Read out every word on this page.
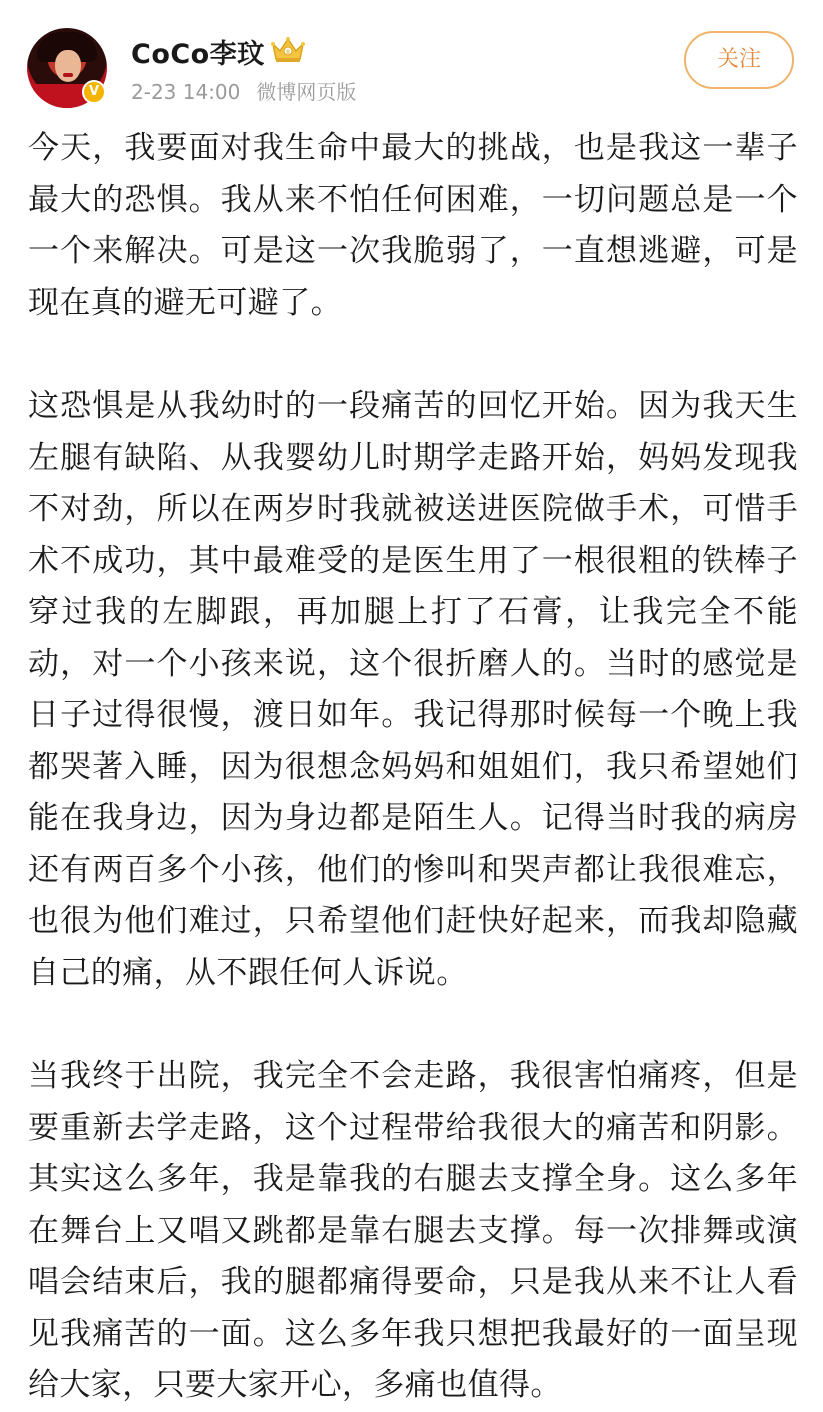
V
CoCo李玟	8
2-23 14:00 微博网页版
关注

今天，我要面对我生命中最大的挑战，也是我这一辈子最大的恐惧。我从来不怕任何困难，一切问题总是一个一个来解决。可是这一次我脆弱了，一直想逃避，可是现在真的避无可避了。

这恐惧是从我幼时的一段痛苦的回忆开始。因为我天生左腿有缺陷、从我婴幼儿时期学走路开始，妈妈发现我不对劲，所以在两岁时我就被送进医院做手术，可惜手术不成功，其中最难受的是医生用了一根很粗的铁棒子穿过我的左脚跟，再加腿上打了石膏，让我完全不能动，对一个小孩来说，这个很折磨人的。当时的感觉是日子过得很慢，渡日如年。我记得那时候每一个晚上我都哭著入睡，因为很想念妈妈和姐姐们，我只希望她们能在我身边，因为身边都是陌生人。记得当时我的病房还有两百多个小孩，他们的惨叫和哭声都让我很难忘，也很为他们难过，只希望他们赶快好起来，而我却隐藏自己的痛，从不跟任何人诉说。

当我终于出院，我完全不会走路，我很害怕痛疼，但是要重新去学走路，这个过程带给我很大的痛苦和阴影。其实这么多年，我是靠我的右腿去支撑全身。这么多年在舞台上又唱又跳都是靠右腿去支撑。每一次排舞或演唱会结束后，我的腿都痛得要命，只是我从来不让人看见我痛苦的一面。这么多年我只想把我最好的一面呈现给大家，只要大家开心，多痛也值得。
